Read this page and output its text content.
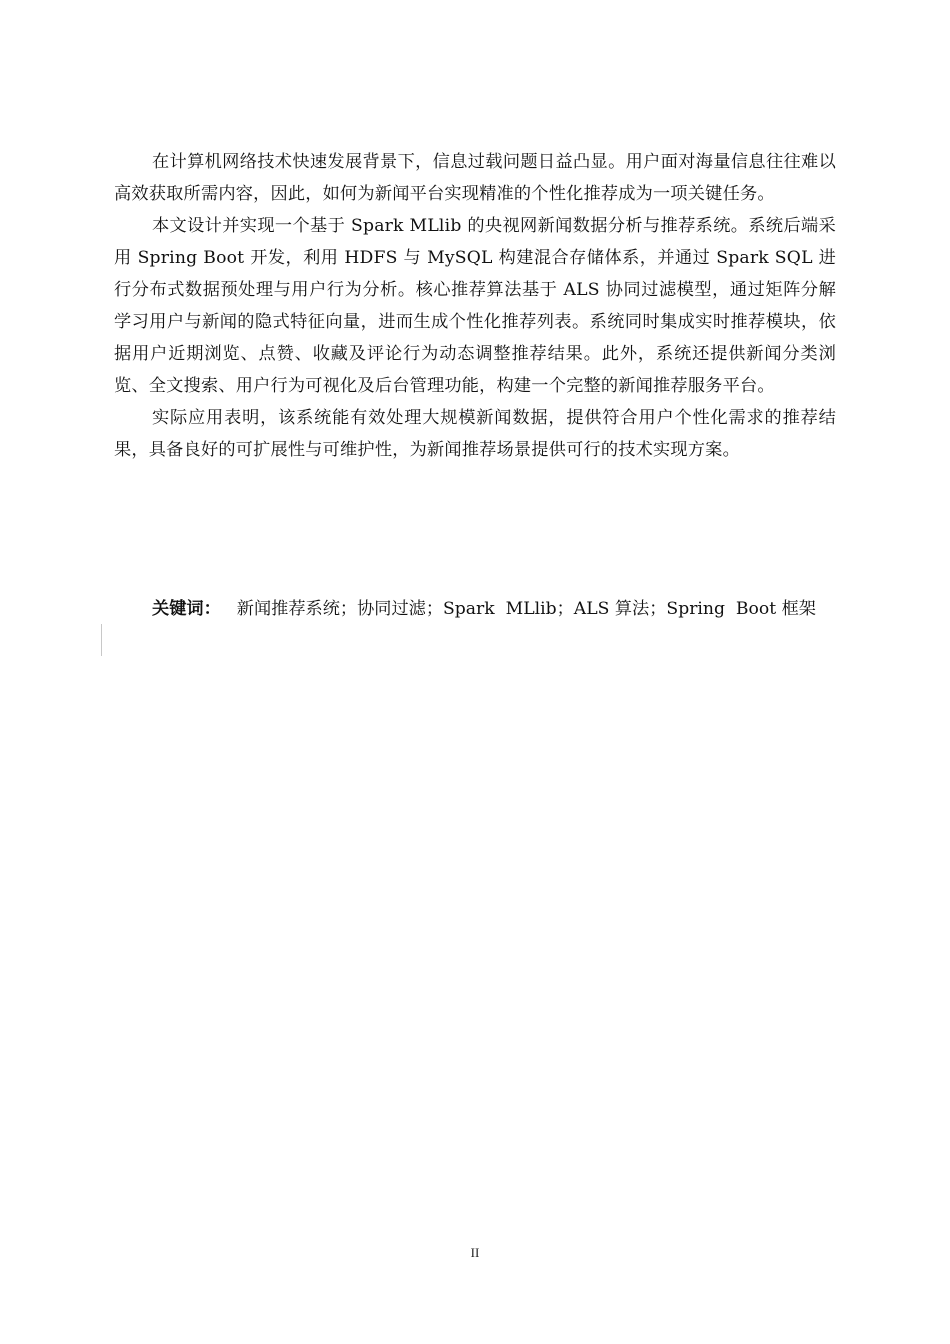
在计算机网络技术快速发展背景下，信息过载问题日益凸显。用户面对海量信息往往难以高效获取所需内容，因此，如何为新闻平台实现精准的个性化推荐成为一项关键任务。

本文设计并实现一个基于 Spark MLlib 的央视网新闻数据分析与推荐系统。系统后端采用 Spring Boot 开发，利用 HDFS 与 MySQL 构建混合存储体系，并通过 Spark SQL 进行分布式数据预处理与用户行为分析。核心推荐算法基于 ALS 协同过滤模型，通过矩阵分解学习用户与新闻的隐式特征向量，进而生成个性化推荐列表。系统同时集成实时推荐模块，依据用户近期浏览、点赞、收藏及评论行为动态调整推荐结果。此外，系统还提供新闻分类浏览、全文搜索、用户行为可视化及后台管理功能，构建一个完整的新闻推荐服务平台。

实际应用表明，该系统能有效处理大规模新闻数据，提供符合用户个性化需求的推荐结果，具备良好的可扩展性与可维护性，为新闻推荐场景提供可行的技术实现方案。

关键词： 新闻推荐系统；协同过滤；Spark  MLlib；ALS 算法；Spring  Boot 框架
II
